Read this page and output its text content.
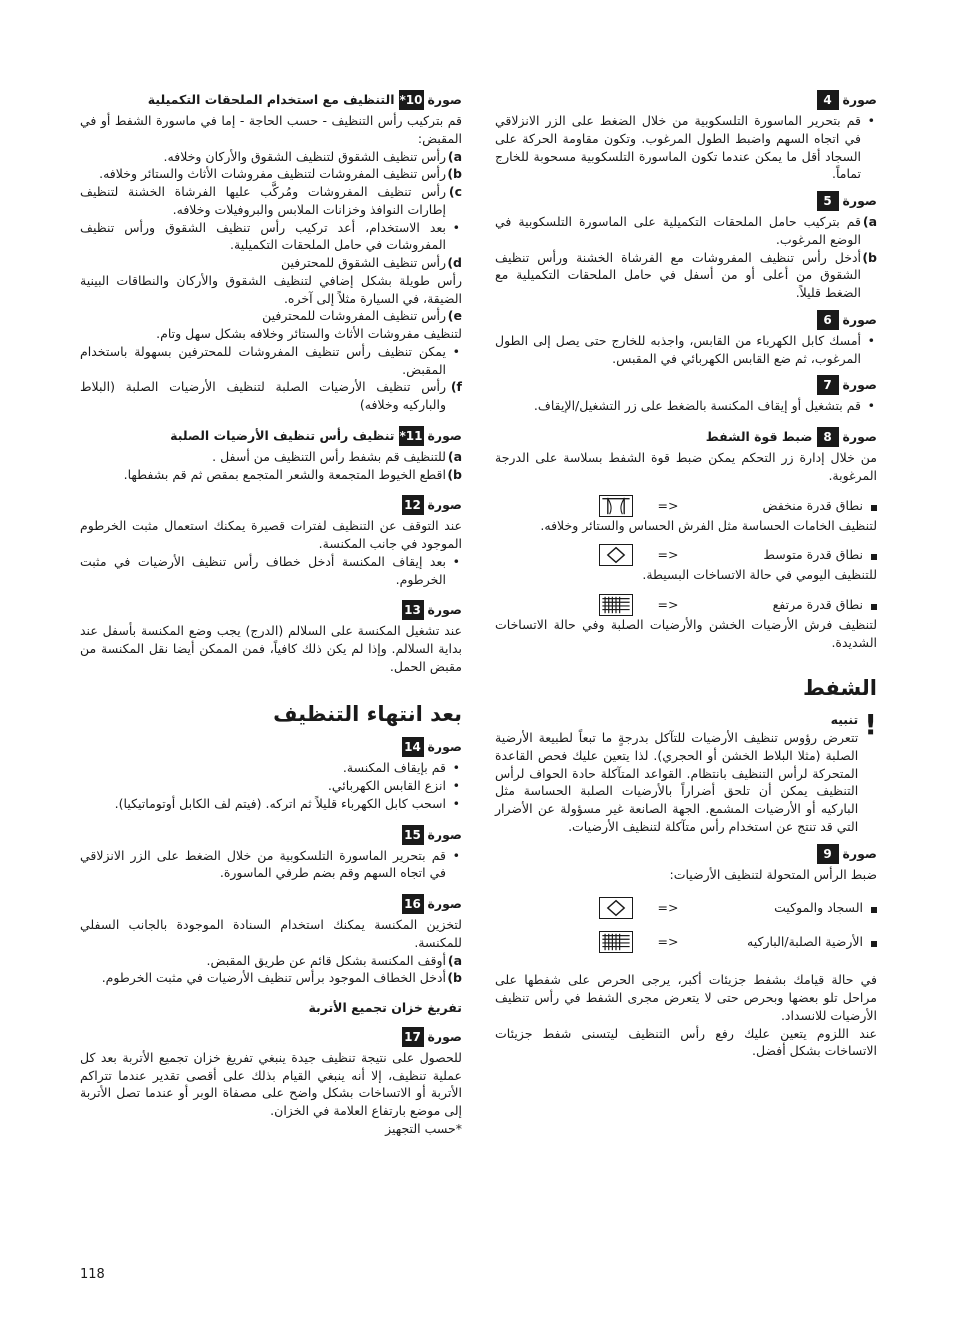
صورة
4

• قم بتحرير الماسورة التلسكوبية من خلال الضغط على الزر الانزلاقي في اتجاه السهم واضبط الطول المرغوب. وتكون مقاومة الحركة على السجاد أقل ما يمكن عندما تكون الماسورة التلسكوبية مسحوبة للخارج تماماً.

صورة
5

a)
قم بتركيب حامل الملحقات التكميلية على الماسورة التلسكوبية في الوضع المرغوب.

b)
أدخل رأس تنظيف المفروشات مع الفرشاة الخشنة ورأس تنظيف الشقوق من أعلى أو من أسفل في حامل الملحقات التكميلية مع الضغط قليلاً.

صورة
6

• أمسك كابل الكهرباء من القابس، واجذبه للخارج حتى يصل إلى الطول المرغوب، ثم ضع القابس الكهربائي في المقبس.

صورة
7

• قم بتشغيل أو إيقاف المكنسة بالضغط على زر التشغيل/الإيقاف.

صورة
8
ضبط قوة الشفط

من خلال إدارة زر التحكم يمكن ضبط قوة الشفط بسلاسة على الدرجة المرغوبة.

نطاق قدرة منخفض
=>

لتنظيف الخامات الحساسة مثل الفرش الحساس والستائر وخلافه.

نطاق قدرة متوسط
=>

للتنظيف اليومي في حالة الاتساخات البسيطة.

نطاق قدرة مرتفع
=>

لتنظيف فرش الأرضيات الخشن والأرضيات الصلبة وفي حالة الاتساخات الشديدة.

الشفط
!
تنبيه

تتعرض رؤوس تنظيف الأرضيات للتآكل بدرجةٍ ما تبعاً لطبيعة الأرضية الصلبة (مثلا البلاط الخشن أو الحجري). لذا يتعين عليك فحص القاعدة المتحركة لرأس التنظيف بانتظام. القواعد المتآكلة حادة الحواف لرأس التنظيف يمكن أن تلحق أضراراً بالأرضيات الصلبة الحساسة مثل الباركيه أو الأرضيات المشمع. الجهة الصانعة غير مسؤولة عن الأضرار التي قد تنتج عن استخدام رأس متآكلة لتنظيف الأرضيات.

صورة
9

ضبط الرأس المتحولة لتنظيف الأرضيات:

السجاد والموكيت
=>
الأرضية الصلبة/الباركيه
=>

في حالة قيامك بشفط جزيئات أكبر، يرجى الحرص على شفطها على مراحل تلو بعضها وبحرص حتى لا يتعرض مجرى الشفط في رأس تنظيف الأرضيات للانسداد.

عند اللزوم يتعين عليك رفع رأس التنظيف ليتسنى شفط جزيئات الاتساخات بشكل أفضل.

صورة
10*
التنظيف مع استخدام الملحقات التكميلية

قم بتركيب رأس التنظيف - حسب الحاجة - إما في ماسورة الشفط أو في المقبض:

a)
رأس تنظيف الشقوق لتنظيف الشقوق والأركان وخلافه.

b)
رأس تنظيف المفروشات لتنظيف مفروشات الأثاث والستائر وخلافه.

c)
رأس تنظيف المفروشات ومُركَّب عليها الفرشاة الخشنة لتنظيف إطارات النوافذ وخزانات الملابس والبروفيلات وخلافه.

• بعد الاستخدام، أعد تركيب رأس تنظيف الشقوق ورأس تنظيف المفروشات في حامل الملحقات التكميلية.

d)
رأس تنظيف الشقوق للمحترفين

رأس طويلة بشكل إضافي لتنظيف الشقوق والأركان والنطاقات البينية الضيقة، في السيارة مثلاً إلى آخره.

e)
رأس تنظيف المفروشات للمحترفين

لتنظيف مفروشات الأثاث والستائر وخلافه بشكل سهل وتام.

• يمكن تنظيف رأس تنظيف المفروشات للمحترفين بسهولة باستخدام المقبض.

f)
رأس تنظيف الأرضيات الصلبة لتنظيف الأرضيات الصلبة (البلاط والباركيه وخلافه)

صورة
11*
تنظيف رأس تنظيف الأرضيات الصلبة

a)
للتنظيف قم بشفط رأس التنظيف من أسفل .

b)
اقطع الخيوط المتجمعة والشعر المتجمع بمقص ثم قم بشفطها.

صورة
12

عند التوقف عن التنظيف لفترات قصيرة يمكنك استعمال مثبت الخرطوم الموجود في جانب المكنسة.

• بعد إيقاف المكنسة أدخل خطاف رأس تنظيف الأرضيات في مثبت الخرطوم.

صورة
13

عند تشغيل المكنسة على السلالم (الدرج) يجب وضع المكنسة بأسفل عند بداية السلالم. وإذا لم يكن ذلك كافياً، فمن الممكن أيضا نقل المكنسة من مقبض الحمل.

بعد انتهاء التنظيف
صورة
14

• قم بإيقاف المكنسة.

• انزع القابس الكهربائي.

• اسحب كابل الكهرباء قليلاً ثم اتركه. (فيتم لف الكابل أوتوماتيكيا).

صورة
15

• قم بتحرير الماسورة التلسكوبية من خلال الضغط على الزر الانزلاقي في اتجاه السهم وقم بضم طرفي الماسورة.

صورة
16

لتخزين المكنسة يمكنك استخدام السنادة الموجودة بالجانب السفلي للمكنسة.

a)
أوقف المكنسة بشكل قائم عن طريق المقبض.

b)
أدخل الخطاف الموجود برأس تنظيف الأرضيات في مثبت الخرطوم.

تفريغ خزان تجميع الأتربة
صورة
17

للحصول على نتيجة تنظيف جيدة ينبغي تفريغ خزان تجميع الأتربة بعد كل عملية تنظيف، إلا أنه ينبغي القيام بذلك على أقصى تقدير عندما تتراكم الأتربة أو الاتساخات بشكل واضح على مصفاة الوبر أو عندما تصل الأتربة إلى موضع بارتفاع العلامة في الخزان.

*حسب التجهيز

118
